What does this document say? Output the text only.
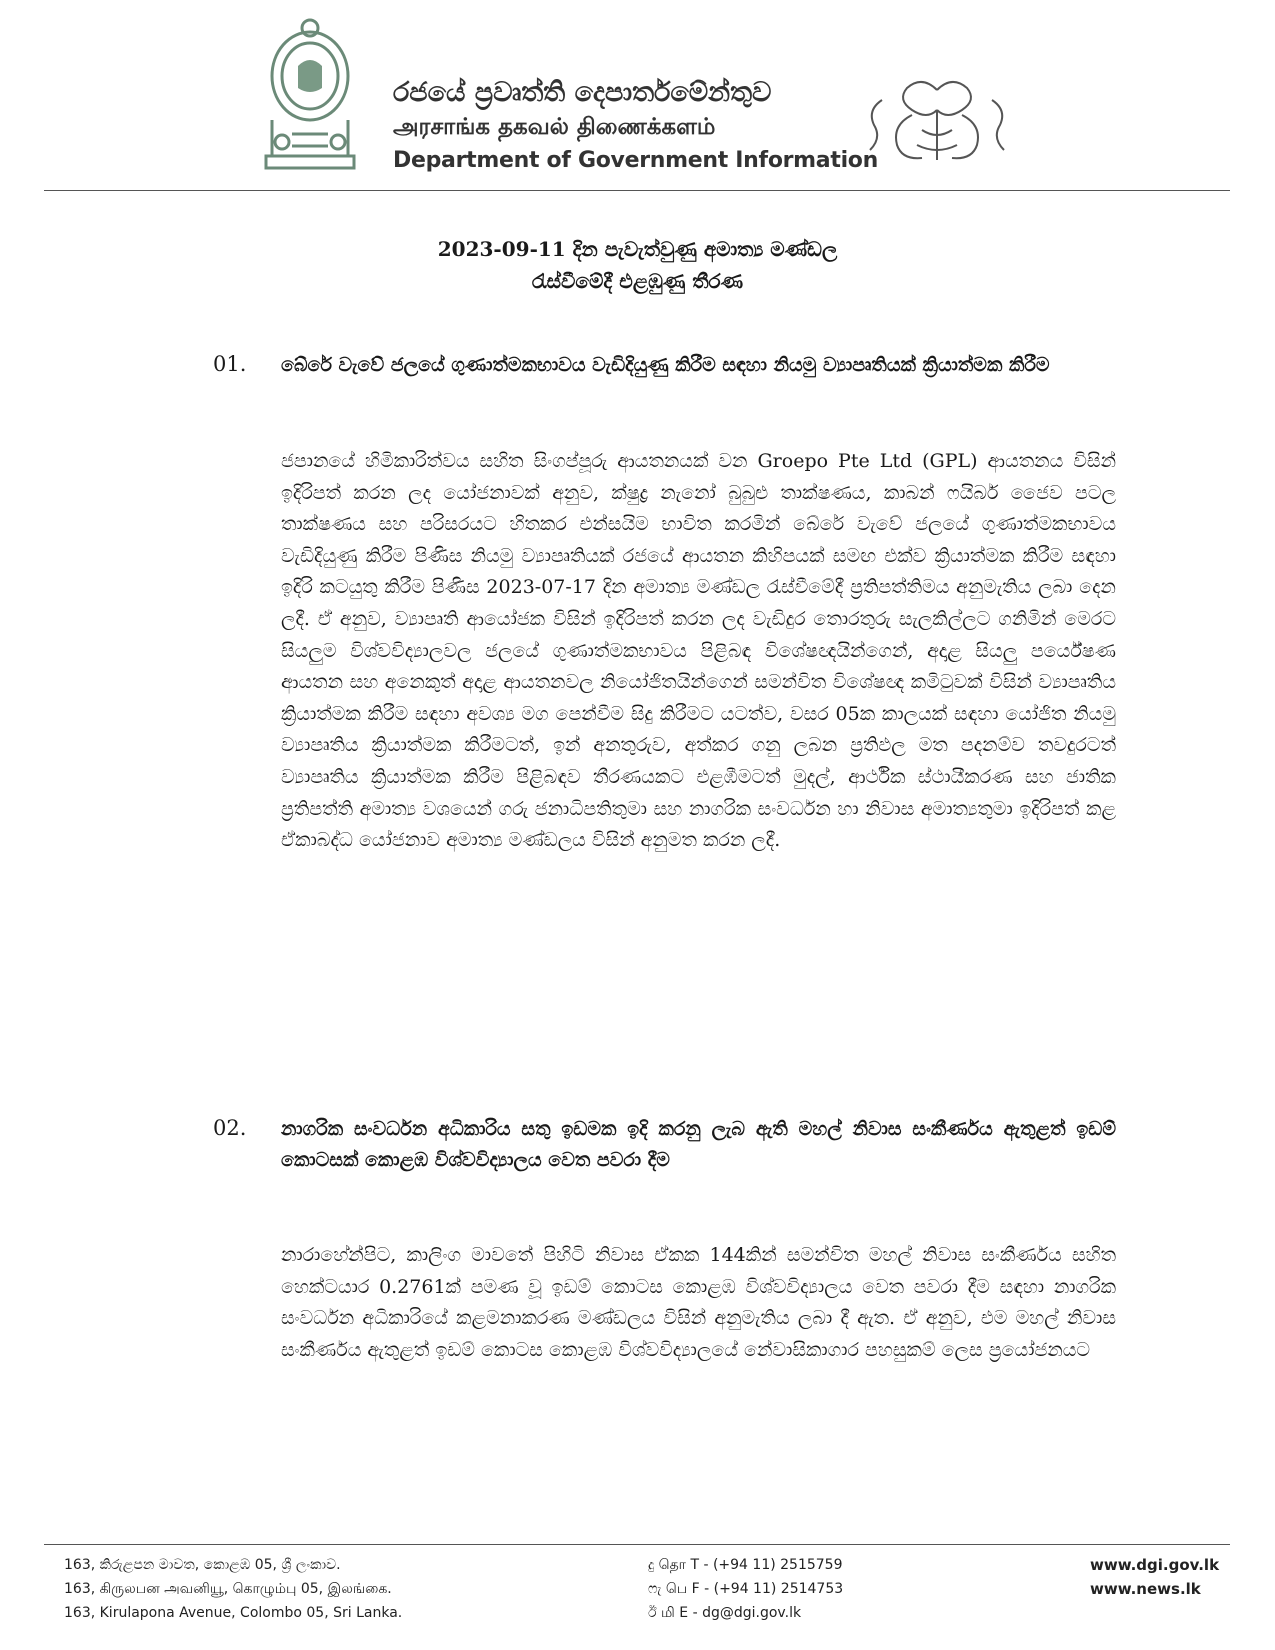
රජයේ ප්‍රවෘත්ති දෙපාර්තමේන්තුව
அரசாங்க தகவல் திணைக்களம்
Department of Government Information
2023-09-11 දින පැවැත්වුණු අමාත්‍ය මණ්ඩල
රැස්වීමේදී එළඹුණු තීරණ
01. බේරේ වැවේ ජලයේ ගුණාත්මකභාවය වැඩිදියුණු කිරීම සඳහා නියමු ව්‍යාපෘතියක් ක්‍රියාත්මක කිරීම
ජපානයේ හිමිකාරිත්වය සහිත සිංගප්පූරු ආයතනයක් වන Groepo Pte Ltd (GPL) ආයතනය විසින් ඉදිරිපත් කරන ලද යෝජනාවක් අනුව, ක්ෂුද්‍ර නැනෝ බුබුළු තාක්ෂණය, කාබන් ෆයිබර් ජෛව පටල තාක්ෂණය සහ පරිසරයට හිතකර එන්සයිම භාවිත කරමින් බේරේ වැවේ ජලයේ ගුණාත්මකභාවය වැඩිදියුණු කිරීම පිණිස නියමු ව්‍යාපෘතියක් රජයේ ආයතන කිහිපයක් සමඟ එක්ව ක්‍රියාත්මක කිරීම සඳහා ඉදිරි කටයුතු කිරීම පිණිස 2023-07-17 දින අමාත්‍ය මණ්ඩල රැස්වීමේදී ප්‍රතිපත්තිමය අනුමැතිය ලබා දෙන ලදී. ඒ අනුව, ව්‍යාපෘති ආයෝජක විසින් ඉදිරිපත් කරන ලද වැඩිදුර තොරතුරු සැලකිල්ලට ගනිමින් මෙරට සියලුම විශ්වවිද්‍යාලවල ජලයේ ගුණාත්මකභාවය පිළිබඳ විශේෂඥයින්ගෙන්, අදාළ සියලු පර්යේෂණ ආයතන සහ අනෙකුත් අදාළ ආයතනවල නියෝජිතයින්ගෙන් සමන්විත විශේෂඥ කමිටුවක් විසින් ව්‍යාපෘතිය ක්‍රියාත්මක කිරීම සඳහා අවශ්‍ය මග පෙන්වීම සිදු කිරීමට යටත්ව, වසර 05ක කාලයක් සඳහා යෝජිත නියමු ව්‍යාපෘතිය ක්‍රියාත්මක කිරීමටත්, ඉන් අනතුරුව, අත්කර ගනු ලබන ප්‍රතිඵල මත පදනම්ව තවදුරටත් ව්‍යාපෘතිය ක්‍රියාත්මක කිරීම පිළිබඳව තීරණයකට එළඹීමටත් මුදල්, ආර්ථික ස්ථායීකරණ සහ ජාතික ප්‍රතිපත්ති අමාත්‍ය වශයෙන් ගරු ජනාධිපතිතුමා සහ නාගරික සංවර්ධන හා නිවාස අමාත්‍යතුමා ඉදිරිපත් කළ ඒකාබද්ධ යෝජනාව අමාත්‍ය මණ්ඩලය විසින් අනුමත කරන ලදී.
02. නාගරික සංවර්ධන අධිකාරිය සතු ඉඩමක ඉදි කරනු ලැබ ඇති මහල් නිවාස සංකීර්ණය ඇතුළත් ඉඩම් කොටසක් කොළඹ විශ්වවිද්‍යාලය වෙත පවරා දීම
නාරාහේන්පිට, කාලිංග මාවතේ පිහිටි නිවාස ඒකක 144කින් සමන්විත මහල් නිවාස සංකීර්ණය සහිත හෙක්ටයාර 0.2761ක් පමණ වූ ඉඩම් කොටස කොළඹ විශ්වවිද්‍යාලය වෙත පවරා දීම සඳහා නාගරික සංවර්ධන අධිකාරියේ කළමනාකරණ මණ්ඩලය විසින් අනුමැතිය ලබා දී ඇත. ඒ අනුව, එම මහල් නිවාස සංකීර්ණය ඇතුළත් ඉඩම් කොටස කොළඹ විශ්වවිද්‍යාලයේ නේවාසිකාගාර පහසුකම් ලෙස ප්‍රයෝජනයට
163, කිරුළපන මාවත, කොළඹ 05, ශ්‍රී ලංකාව.
163, கிருலபன அவனியூ, கொழும்பு 05, இலங்கை.
163, Kirulapona Avenue, Colombo 05, Sri Lanka.
දු தொ T - (+94 11) 2515759
ෆැ பெ F - (+94 11) 2514753
ඊ மி E - dg@dgi.gov.lk
www.dgi.gov.lk
www.news.lk
